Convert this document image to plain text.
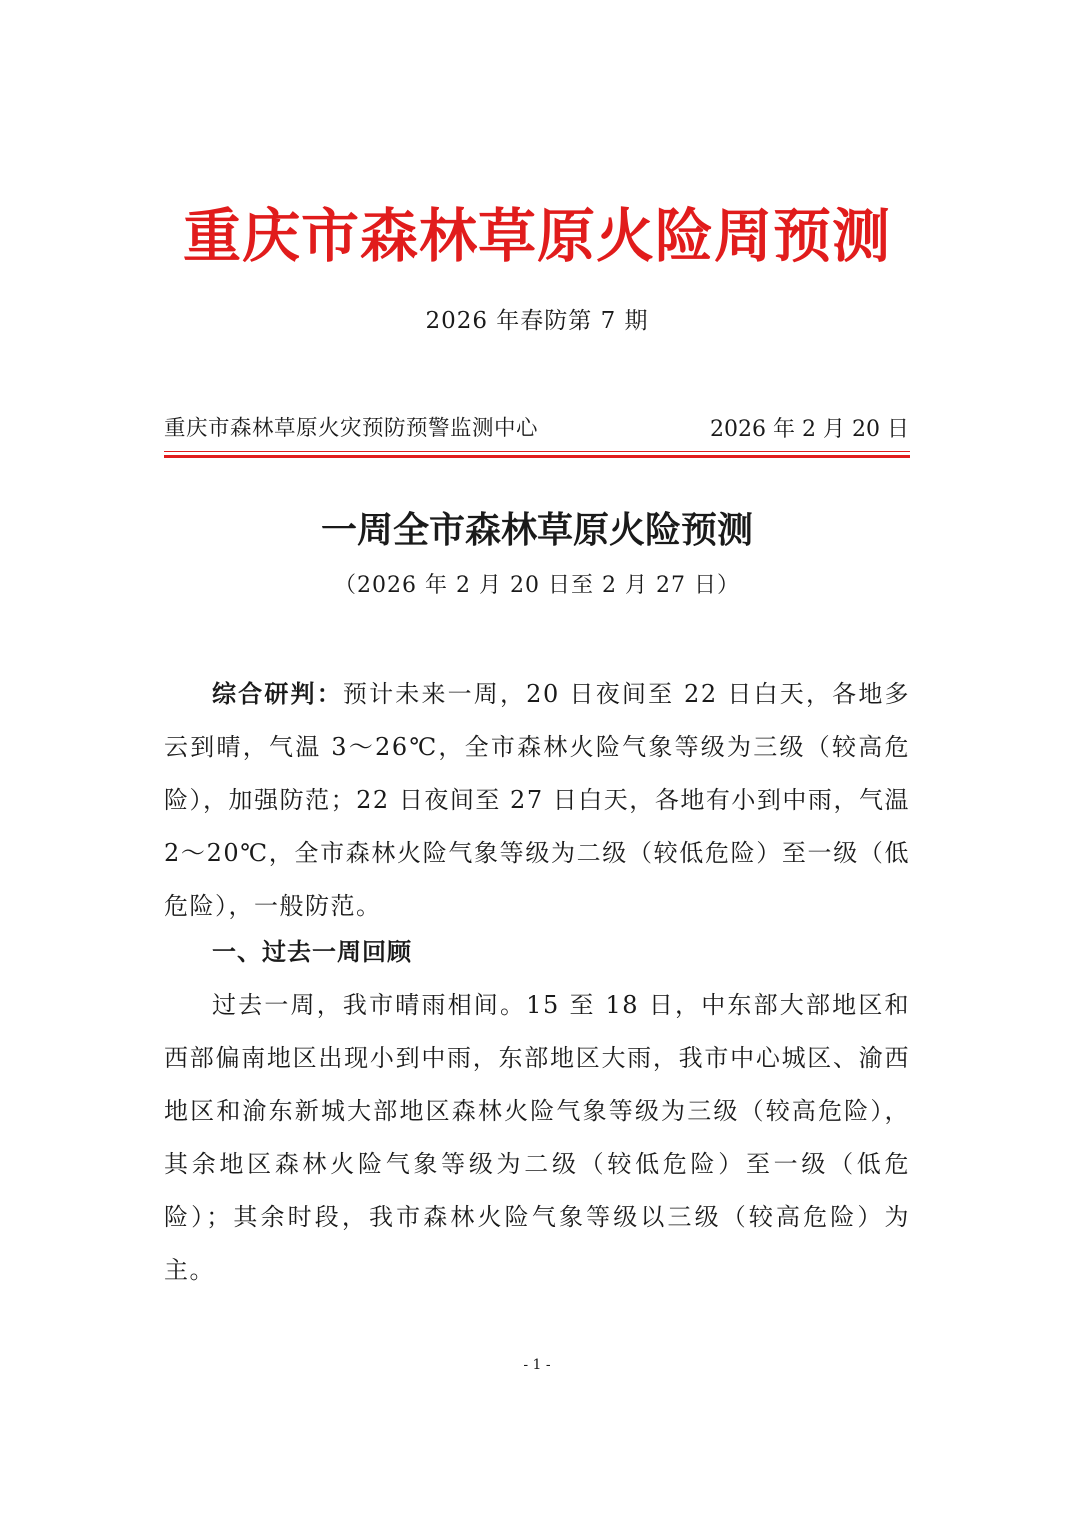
重庆市森林草原火险周预测
2026 年春防第 7 期
重庆市森林草原火灾预防预警监测中心	2026 年 2 月 20 日
一周全市森林草原火险预测
（2026 年 2 月 20 日至 2 月 27 日）

综合研判：预计未来一周，20 日夜间至 22 日白天，各地多云到晴，气温 3～26℃，全市森林火险气象等级为三级（较高危险），加强防范；22 日夜间至 27 日白天，各地有小到中雨，气温 2～20℃，全市森林火险气象等级为二级（较低危险）至一级（低危险），一般防范。

一、过去一周回顾

过去一周，我市晴雨相间。15 至 18 日，中东部大部地区和西部偏南地区出现小到中雨，东部地区大雨，我市中心城区、渝西地区和渝东新城大部地区森林火险气象等级为三级（较高危险），其余地区森林火险气象等级为二级（较低危险）至一级（低危险）；其余时段，我市森林火险气象等级以三级（较高危险）为主。

- 1 -
